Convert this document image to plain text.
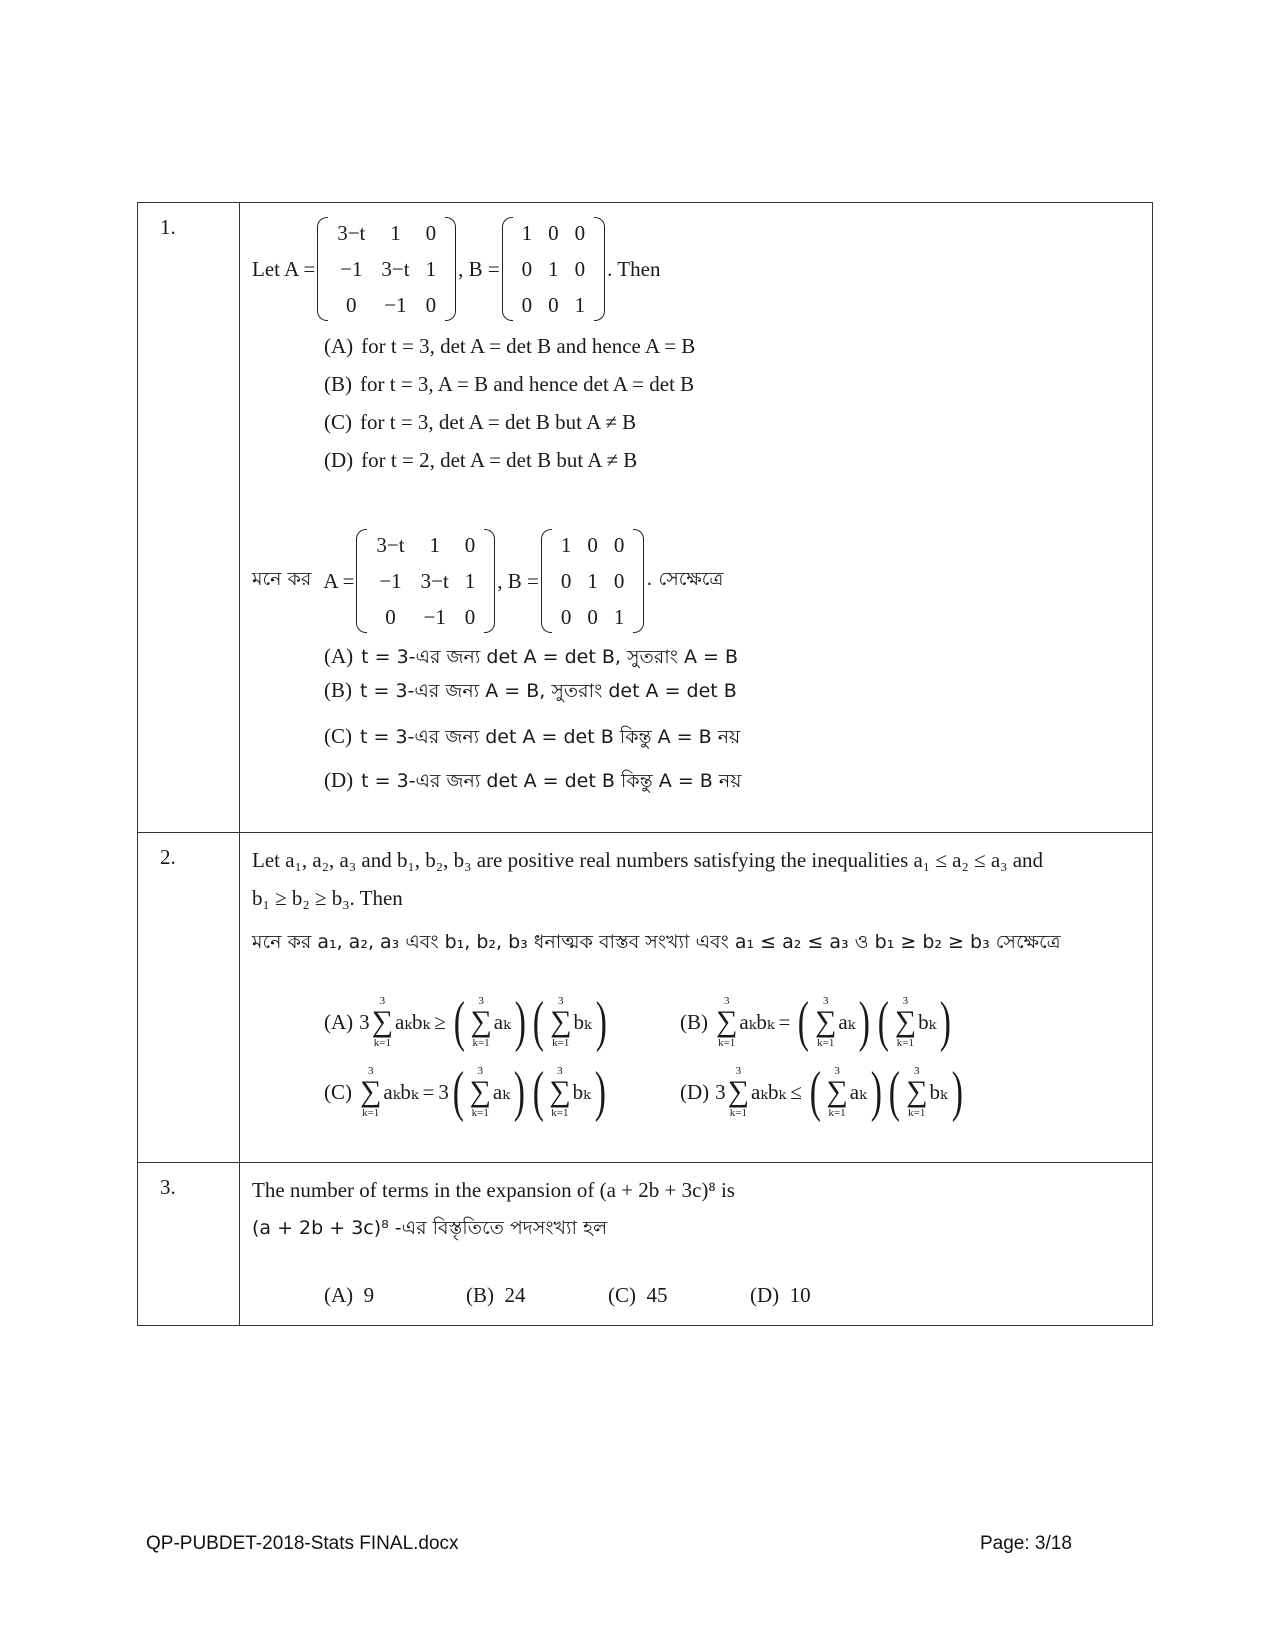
1.	
Let A =
3−t	1	0
−1	3−t	1
0	−1	0
, B =
1	0	0
0	1	0
0	0	1
. Then
(A) for t = 3, det A = det B and hence A = B
(B) for t = 3, A = B and hence det A = det B
(C) for t = 3, det A = det B but A ≠ B
(D) for t = 2, det A = det B but A ≠ B
মনে কর A =
3−t	1	0
−1	3−t	1
0	−1	0
, B =
1	0	0
0	1	0
0	0	1
. সেক্ষেত্রে
(A) t = 3-এর জন্য det A = det B, সুতরাং A = B
(B) t = 3-এর জন্য A = B, সুতরাং det A = det B
(C) t = 3-এর জন্য det A = det B কিন্তু A = B নয়
(D) t = 3-এর জন্য det A = det B কিন্তু A = B নয়

2.	Let a₁, a₂, a₃ and b₁, b₂, b₃ are positive real numbers satisfying the inequalities a₁ ≤ a₂ ≤ a₃ and
b₁ ≥ b₂ ≥ b₃. Then
মনে কর a₁, a₂, a₃ এবং b₁, b₂, b₃ ধনাত্মক বাস্তব সংখ্যা এবং a₁ ≤ a₂ ≤ a₃ ও b₁ ≥ b₂ ≥ b₃ সেক্ষেত্রে
(A) 3
3
∑
k=1
aₖbₖ ≥ ( 3
∑
k=1
aₖ ) ( 3
∑
k=1
bₖ )	(B)
3
∑
k=1
aₖbₖ = ( 3
∑
k=1
aₖ ) ( 3
∑
k=1
bₖ )
(C)
3
∑
k=1
aₖbₖ = 3 ( 3
∑
k=1
aₖ ) ( 3
∑
k=1
bₖ )	(D) 3
3
∑
k=1
aₖbₖ ≤ ( 3
∑
k=1
aₖ ) ( 3
∑
k=1
bₖ )

3.	The number of terms in the expansion of (a + 2b + 3c)⁸ is
(a + 2b + 3c)⁸ -এর বিস্তৃতিতে পদসংখ্যা হল
(A) 9	(B) 24	(C) 45	(D) 10
QP-PUBDET-2018-Stats FINAL.docx	Page: 3/18
